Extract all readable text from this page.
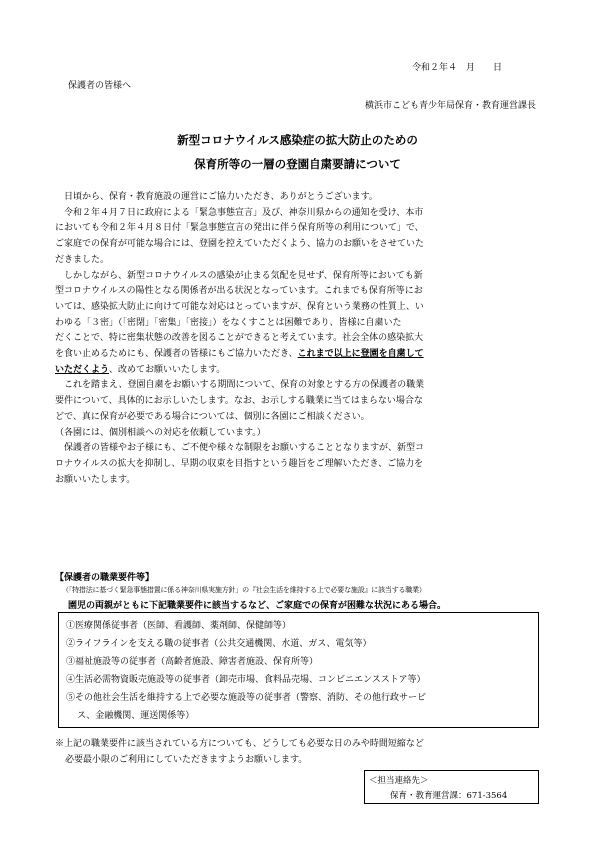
令和２年４　月　　日
保護者の皆様へ
横浜市こども青少年局保育・教育運営課長
新型コロナウイルス感染症の拡大防止のための
保育所等の一層の登園自粛要請について

日頃から、保育・教育施設の運営にご協力いただき、ありがとうございます。

令和２年４月７日に政府による「緊急事態宣言」及び、神奈川県からの通知を受け、本市

においても令和２年４月８日付「緊急事態宣言の発出に伴う保育所等の利用について」で、

ご家庭での保育が可能な場合には、登園を控えていただくよう、協力のお願いをさせていた

だきました。

しかしながら、新型コロナウイルスの感染が止まる気配を見せず、保育所等においても新

型コロナウイルスの陽性となる関係者が出る状況となっています。これまでも保育所等にお

いては、感染拡大防止に向けて可能な対応はとっていますが、保育という業務の性質上、い

わゆる「３密」（「密閉」「密集」「密接」）をなくすことは困難であり、皆様に自粛いた

だくことで、特に密集状態の改善を図ることができると考えています。社会全体の感染拡大

を食い止めるためにも、保護者の皆様にもご協力いただき、これまで以上に登園を自粛して

いただくよう、改めてお願いいたします。

これを踏まえ、登園自粛をお願いする期間について、保育の対象とする方の保護者の職業

要件について、具体的にお示しいたします。なお、お示しする職業に当てはまらない場合な

どで、真に保育が必要である場合については、個別に各園にご相談ください。

（各園には、個別相談への対応を依頼しています。）

保護者の皆様やお子様にも、ご不便や様々な制限をお願いすることとなりますが、新型コ

ロナウイルスの拡大を抑制し、早期の収束を目指すという趣旨をご理解いただき、ご協力を

お願いいたします。

【保護者の職業要件等】
（「特措法に基づく緊急事態措置に係る神奈川県実施方針」の『社会生活を維持する上で必要な施設』に該当する職業）
園児の両親がともに下記職業要件に該当するなど、ご家庭での保育が困難な状況にある場合。
①医療関係従事者（医師、看護師、薬剤師、保健師等）
②ライフラインを支える職の従事者（公共交通機関、水道、ガス、電気等）
③福祉施設等の従事者（高齢者施設、障害者施設、保育所等）
④生活必需物資販売施設等の従事者（卸売市場、食料品売場、コンビニエンスストア等）
⑤その他社会生活を維持する上で必要な施設等の従事者（警察、消防、その他行政サービ
ス、金融機関、運送関係等）
※上記の職業要件に該当されている方についても、どうしても必要な日のみや時間短縮など
必要最小限のご利用にしていただきますようお願いします。
＜担当連絡先＞
保育・教育運営課：671-3564
